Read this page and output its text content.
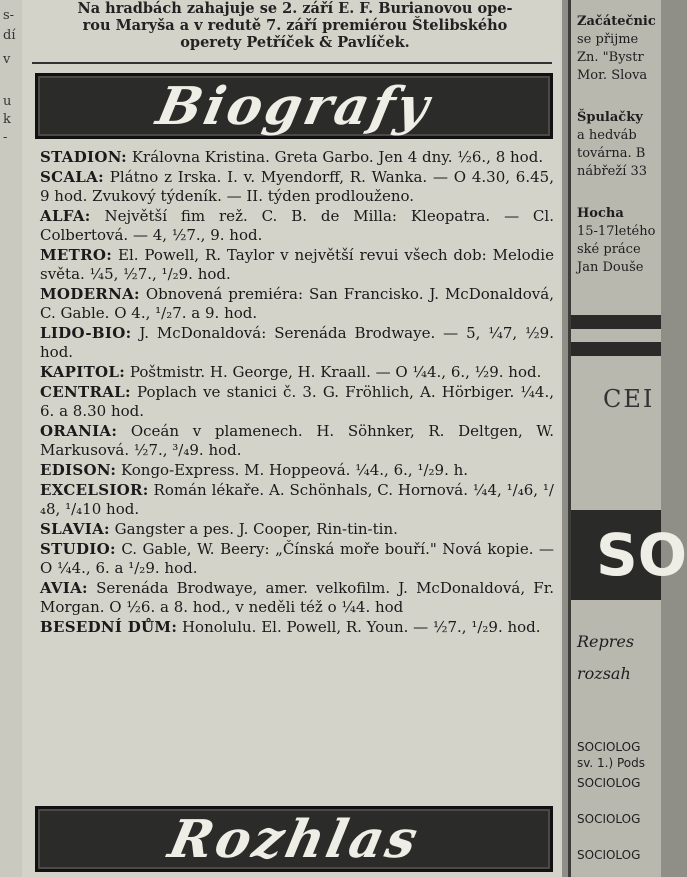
s-
dí
v
u
k
-
Na hradbách zahajuje se 2. září E. F. Burianovou ope-
rou Maryša a v redutě 7. září premiérou Štelibského
operety Petříček & Pavlíček.
Biografy
STADION: Královna Kristina. Greta Garbo. Jen 4 dny. ½6., 8 hod.
SCALA: Plátno z Irska. I. v. Myendorff, R. Wanka. — O 4.30, 6.45, 9 hod. Zvukový týdeník. — II. týden prodlouženo.
ALFA: Největší fim rež. C. B. de Milla: Kleopatra. — Cl. Colbertová. — 4, ½7., 9. hod.
METRO: El. Powell, R. Taylor v největší revui všech dob: Melodie světa. ¼5, ½7., ¹/₂9. hod.
MODERNA: Obnovená premiéra: San Francisko. J. McDonaldová, C. Gable. O 4., ¹/₂7. a 9. hod.
LIDO-BIO: J. McDonaldová: Serenáda Brodwaye. — 5, ¼7, ½9. hod.
KAPITOL: Poštmistr. H. George, H. Kraall. — O ¼4., 6., ½9. hod.
CENTRAL: Poplach ve stanici č. 3. G. Fröhlich, A. Hörbiger. ¼4., 6. a 8.30 hod.
ORANIA: Oceán v plamenech. H. Söhnker, R. Deltgen, W. Markusová. ½7., ³/₄9. hod.
EDISON: Kongo-Express. M. Hoppeová. ¼4., 6., ¹/₂9. h.
EXCELSIOR: Román lékaře. A. Schönhals, C. Hornová. ¼4, ¹/₄6, ¹/₄8, ¹/₄10 hod.
SLAVIA: Gangster a pes. J. Cooper, Rin-tin-tin.
STUDIO: C. Gable, W. Beery: „Čínská moře bouří." Nová kopie. — O ¼4., 6. a ¹/₂9. hod.
AVIA: Serenáda Brodwaye, amer. velkofilm. J. McDonaldová, Fr. Morgan. O ½6. a 8. hod., v neděli též o ¼4. hod
BESEDNÍ DŮM: Honolulu. El. Powell, R. Youn. — ½7., ¹/₂9. hod.
Rozhlas
Začátečnic
se přijme
Zn. "Bystr
Mor. Slova
Špulačky
a hedváb
továrna. B
nábřeží 33
Hocha
15-17letého
ské práce
Jan Douše
CEI
SO
Repres
rozsah
SOCIOLOG
sv. 1.) Pods
SOCIOLOG
SOCIOLOG
SOCIOLOG
